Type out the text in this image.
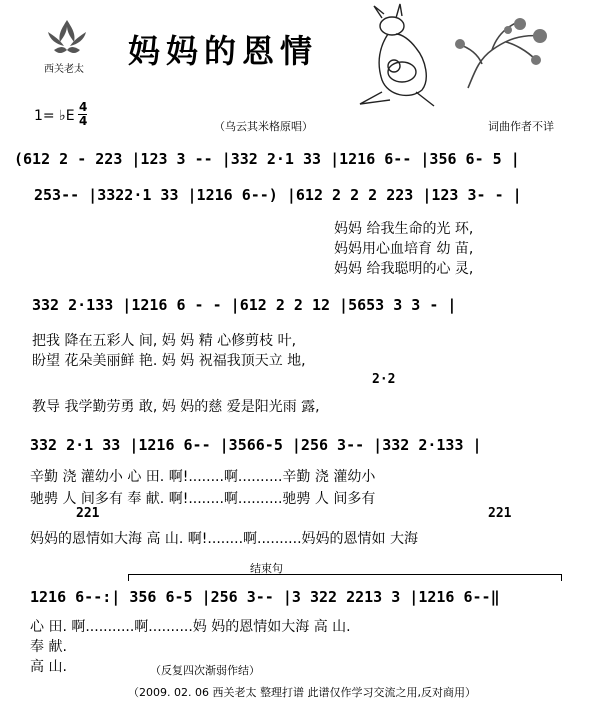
西关老太 妈妈的恩情
1= ♭E
4
4	（乌云其米格原唱）	词曲作者不详
(612 2 - 223 |123 3 -- |332 2·1 33 |1216 6-- |356 6- 5 |
253-- |3322·1 33 |1216 6--) |612 2 2 2 223 |123 3- - |
妈妈 给我生命的光 环,
妈妈用心血培育 幼 苗,
妈妈 给我聪明的心 灵,
332 2·133 |1216 6 - - |612 2 2 12 |5653 3 3 - |
把我 降在五彩人 间, 妈 妈 精 心修剪枝 叶,
盼望 花朵美丽鲜 艳. 妈 妈 祝福我顶天立 地,
2·2
教导 我学勤劳勇 敢, 妈 妈的慈 爱是阳光雨 露,
332 2·1 33 |1216 6-- |3566-5 |256 3-- |332 2·133 |
辛勤 浇 灌幼小 心 田. 啊!........啊..........辛勤 浇 灌幼小
驰骋 人 间多有 奉 献. 啊!........啊..........驰骋 人 间多有
221	221
妈妈的恩情如大海 高 山. 啊!........啊..........妈妈的恩情如 大海
结束句
1216 6--:| 356 6-5 |256 3-- |3 322 2213 3 |1216 6--‖
心 田. 啊...........啊..........妈 妈的恩情如大海 高 山.
奉 献.
高 山.	（反复四次渐弱作结）
（2009. 02. 06 西关老太 整理打谱 此谱仅作学习交流之用,反对商用）
